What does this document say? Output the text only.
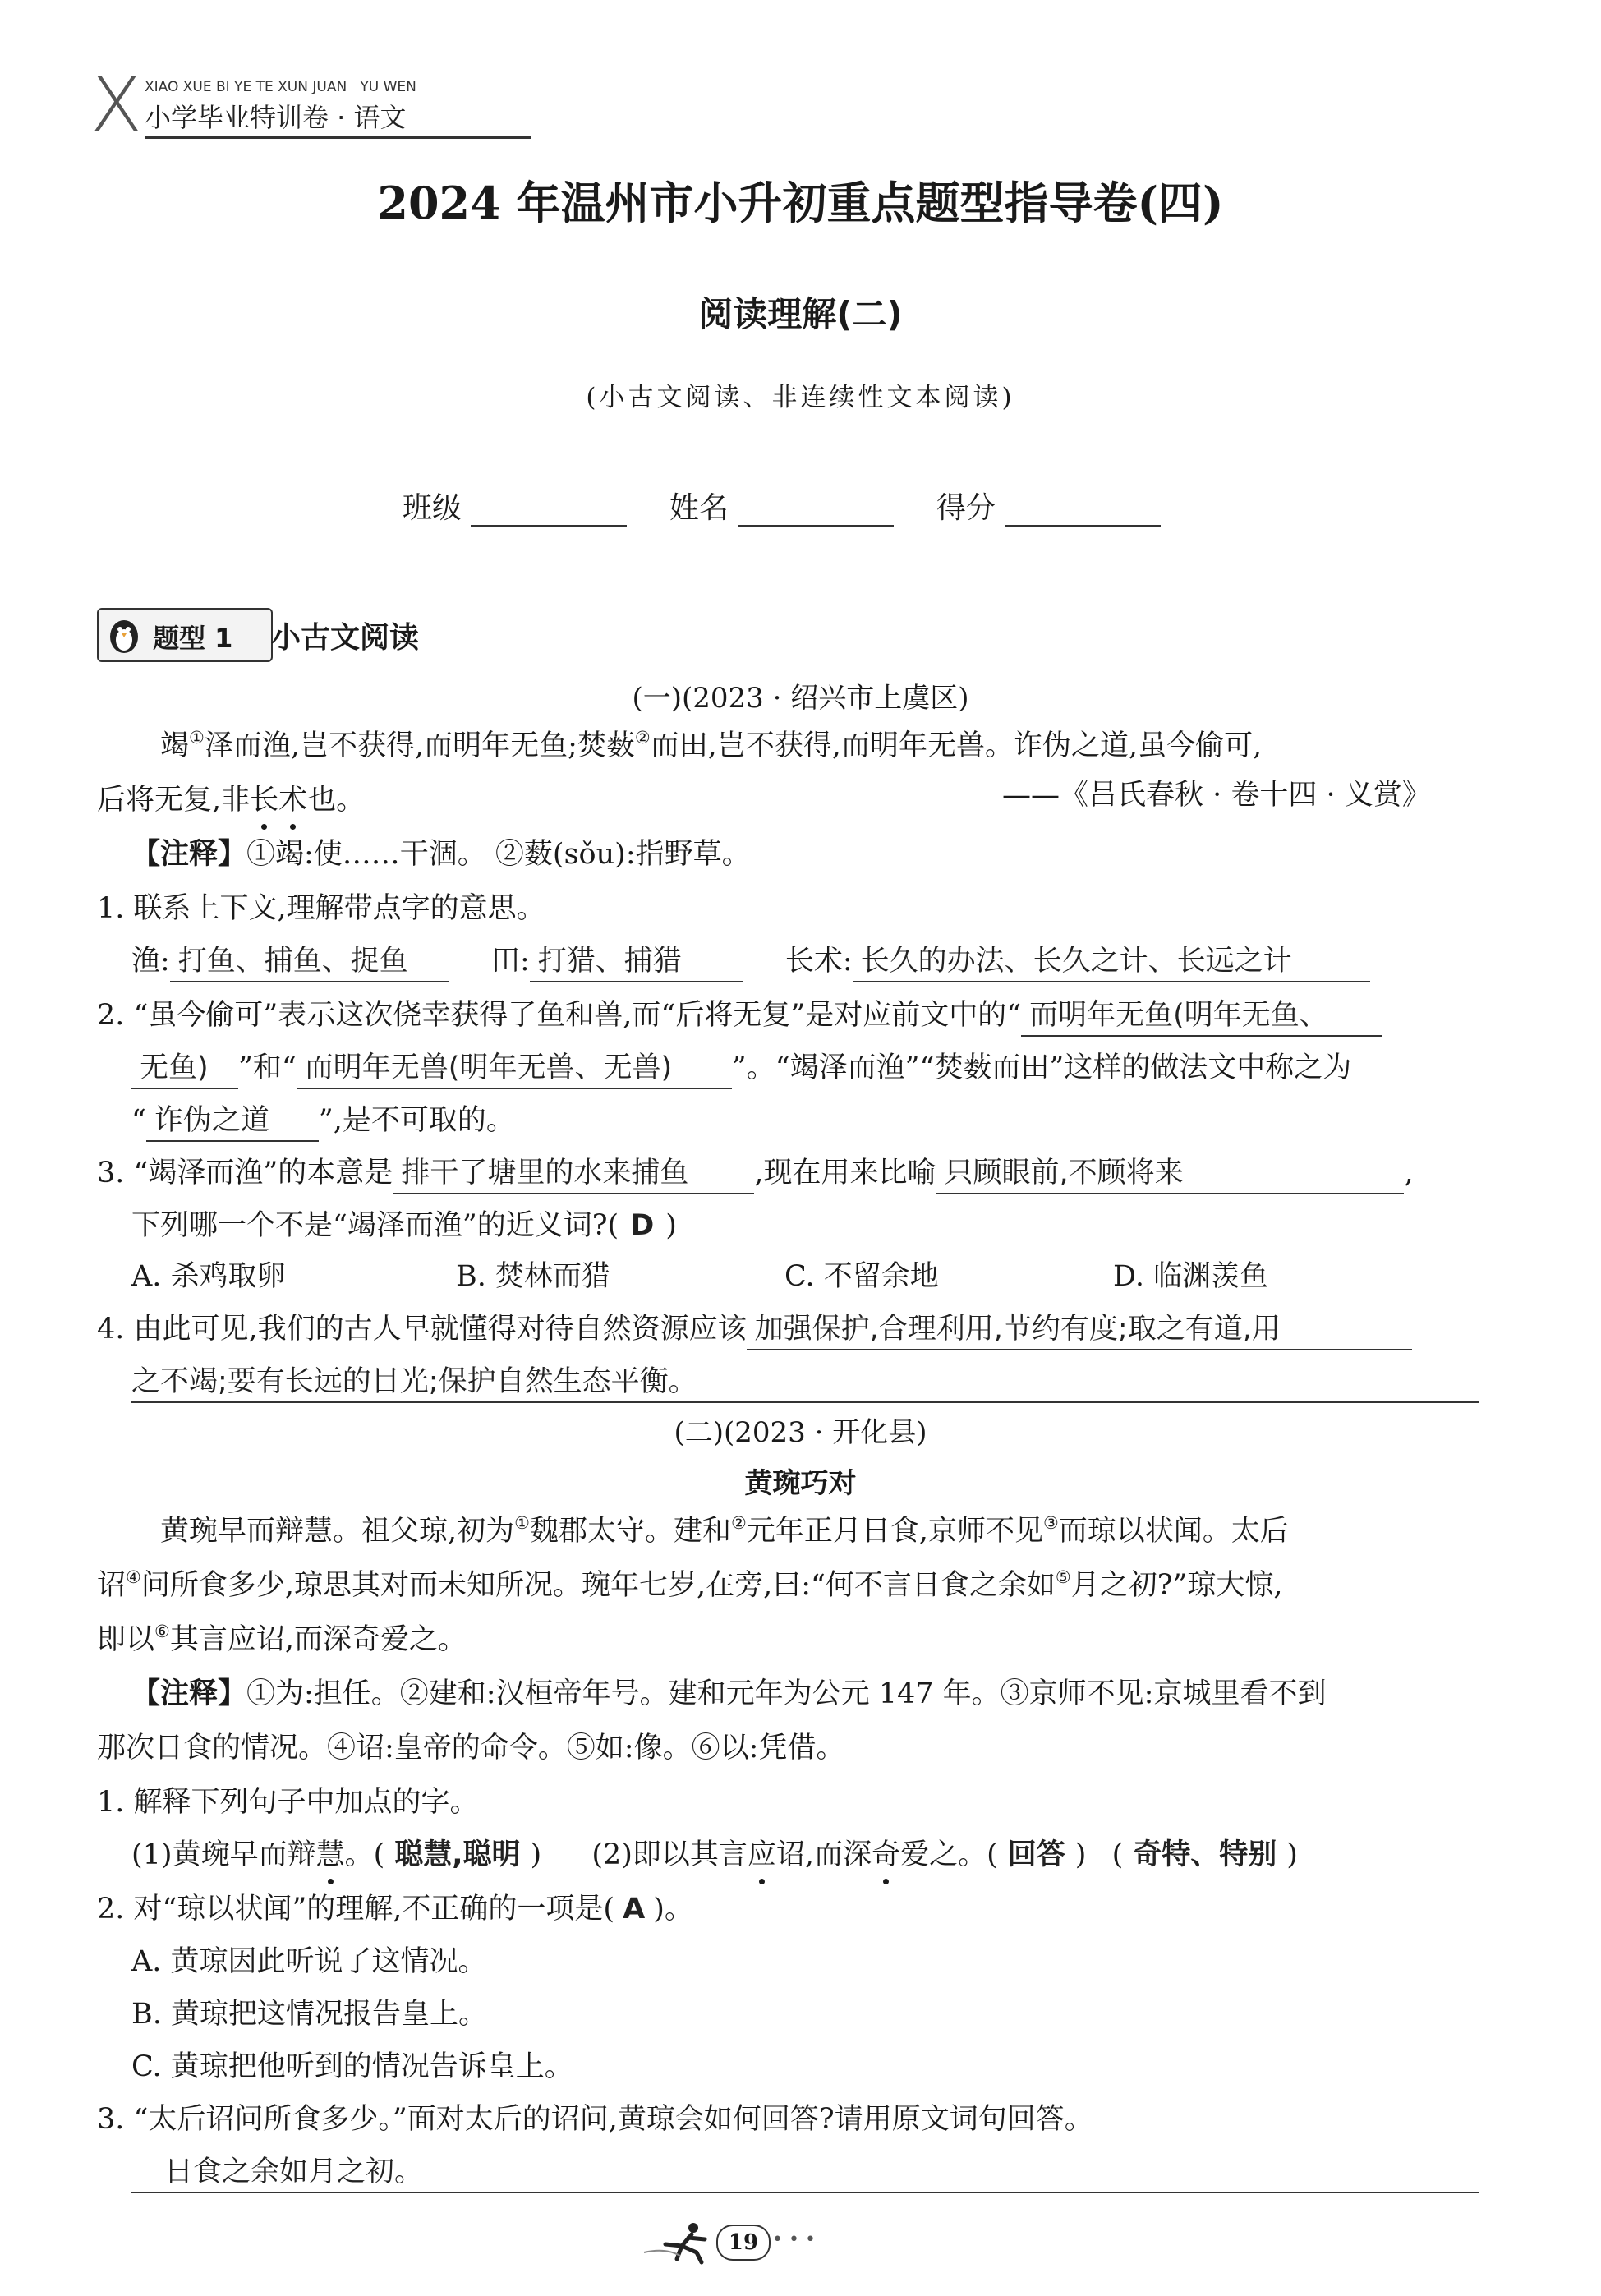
X XIAO XUE BI YE TE XUN JUAN   YU WEN
小学毕业特训卷 · 语文
2024 年温州市小升初重点题型指导卷(四)
阅读理解(二)
(小古文阅读、非连续性文本阅读)
班级	姓名	得分
题型 1 小古文阅读
(一)(2023 · 绍兴市上虞区)
竭①泽而渔,岂不获得,而明年无鱼;焚薮②而田,岂不获得,而明年无兽。诈伪之道,虽今偷可,
后将无复,非长术也。	——《吕氏春秋 · 卷十四 · 义赏》
【注释】①竭:使……干涸。 ②薮(sǒu):指野草。
1. 联系上下文,理解带点字的意思。
渔: 打鱼、捕鱼、捉鱼	田: 打猎、捕猎	长术: 长久的办法、长久之计、长远之计
2. “虽今偷可”表示这次侥幸获得了鱼和兽,而“后将无复”是对应前文中的“ 而明年无鱼(明年无鱼、
无鱼) ”和“ 而明年无兽(明年无兽、无兽) ”。“竭泽而渔”“焚薮而田”这样的做法文中称之为
“ 诈伪之道 ”,是不可取的。
3. “竭泽而渔”的本意是 排干了塘里的水来捕鱼 ,现在用来比喻 只顾眼前,不顾将来	,
下列哪一个不是“竭泽而渔”的近义词?( D )
A. 杀鸡取卵	B. 焚林而猎	C. 不留余地	D. 临渊羡鱼
4. 由此可见,我们的古人早就懂得对待自然资源应该 加强保护,合理利用,节约有度;取之有道,用
之不竭;要有长远的目光;保护自然生态平衡。
(二)(2023 · 开化县)
黄琬巧对
黄琬早而辩慧。祖父琼,初为①魏郡太守。建和②元年正月日食,京师不见③而琼以状闻。太后
诏④问所食多少,琼思其对而未知所况。琬年七岁,在旁,曰:“何不言日食之余如⑤月之初?”琼大惊,
即以⑥其言应诏,而深奇爱之。
【注释】①为:担任。②建和:汉桓帝年号。建和元年为公元 147 年。③京师不见:京城里看不到
那次日食的情况。④诏:皇帝的命令。⑤如:像。⑥以:凭借。
1. 解释下列句子中加点的字。
(1)黄琬早而辩慧。( 聪慧,聪明 ) (2)即以其言应诏,而深奇爱之。( 回答 ) ( 奇特、特别 )
2. 对“琼以状闻”的理解,不正确的一项是( A )。
A. 黄琼因此听说了这情况。
B. 黄琼把这情况报告皇上。
C. 黄琼把他听到的情况告诉皇上。
3. “太后诏问所食多少。”面对太后的诏问,黄琼会如何回答?请用原文词句回答。
日食之余如月之初。
19 • • •
